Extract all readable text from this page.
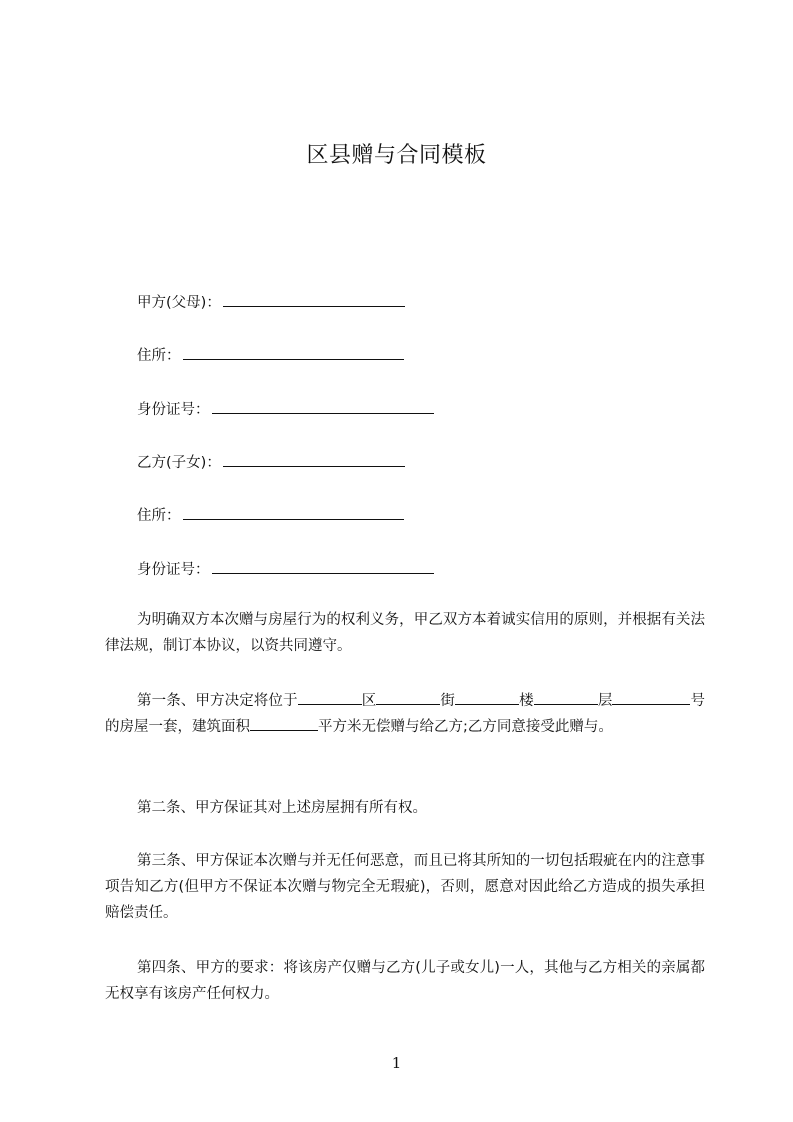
区县赠与合同模板
甲方(父母)：
住所：
身份证号：
乙方(子女)：
住所：
身份证号：

为明确双方本次赠与房屋行为的权利义务，甲乙双方本着诚实信用的原则，并根据有关法律法规，制订本协议，以资共同遵守。

第一条、甲方决定将位于	区	街	楼	层	号的房屋一套，建筑面积	平方米无偿赠与给乙方;乙方同意接受此赠与。

第二条、甲方保证其对上述房屋拥有所有权。

第三条、甲方保证本次赠与并无任何恶意，而且已将其所知的一切包括瑕疵在内的注意事项告知乙方(但甲方不保证本次赠与物完全无瑕疵)，否则，愿意对因此给乙方造成的损失承担赔偿责任。

第四条、甲方的要求：将该房产仅赠与乙方(儿子或女儿)一人，其他与乙方相关的亲属都无权享有该房产任何权力。

1
